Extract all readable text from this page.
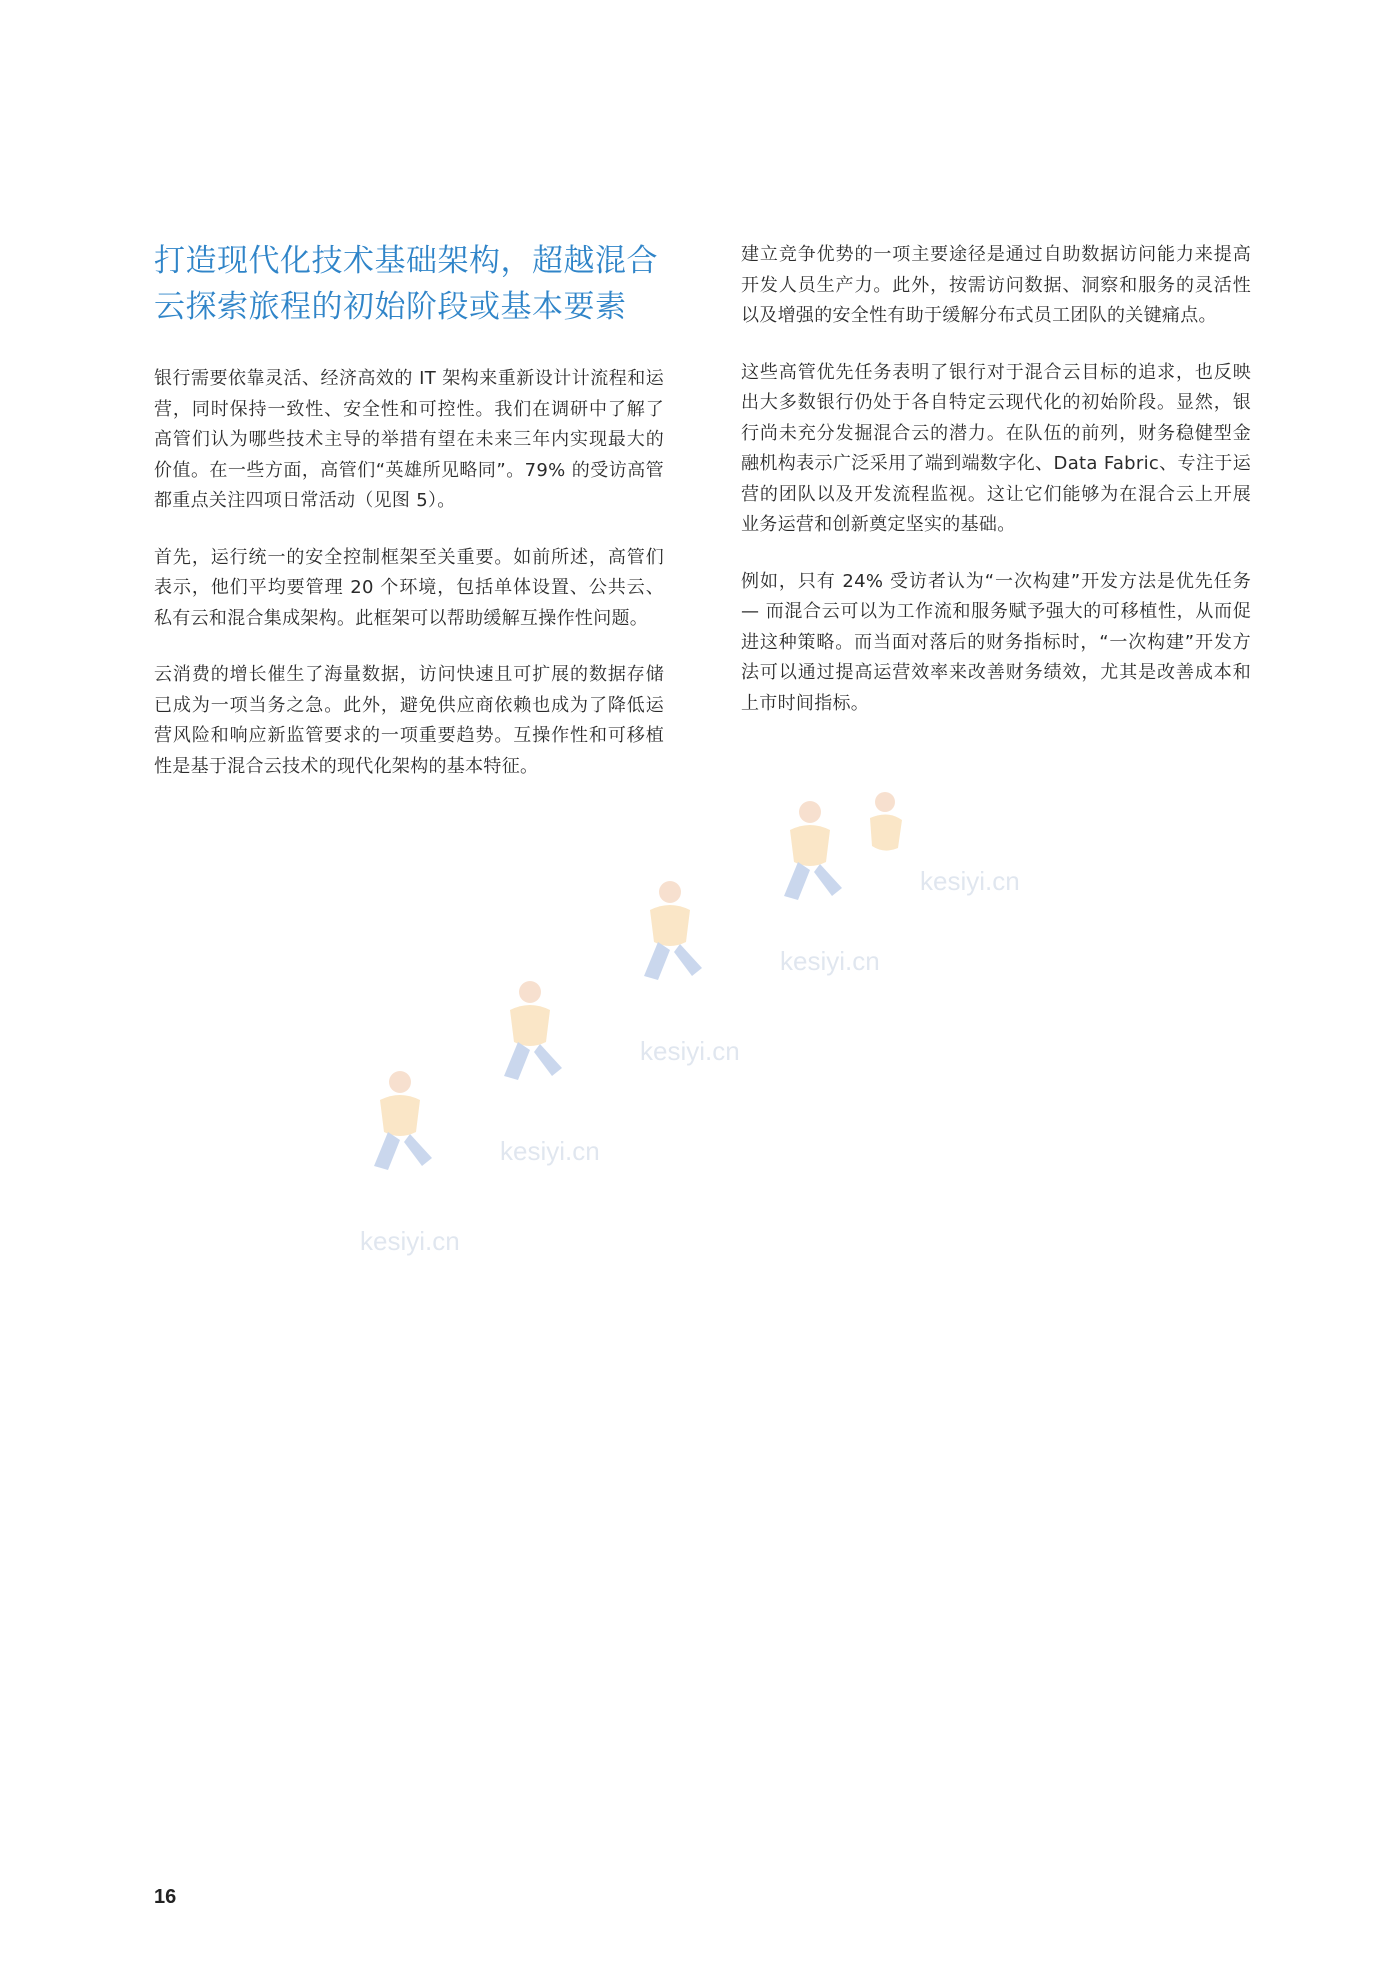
打造现代化技术基础架构，超越混合云探索旅程的初始阶段或基本要素

银行需要依靠灵活、经济高效的 IT 架构来重新设计计流程和运营，同时保持一致性、安全性和可控性。我们在调研中了解了高管们认为哪些技术主导的举措有望在未来三年内实现最大的价值。在一些方面，高管们“英雄所见略同”。79% 的受访高管都重点关注四项日常活动（见图 5）。

首先，运行统一的安全控制框架至关重要。如前所述，高管们表示，他们平均要管理 20 个环境，包括单体设置、公共云、私有云和混合集成架构。此框架可以帮助缓解互操作性问题。

云消费的增长催生了海量数据，访问快速且可扩展的数据存储已成为一项当务之急。此外，避免供应商依赖也成为了降低运营风险和响应新监管要求的一项重要趋势。互操作性和可移植性是基于混合云技术的现代化架构的基本特征。

建立竞争优势的一项主要途径是通过自助数据访问能力来提高开发人员生产力。此外，按需访问数据、洞察和服务的灵活性以及增强的安全性有助于缓解分布式员工团队的关键痛点。

这些高管优先任务表明了银行对于混合云目标的追求，也反映出大多数银行仍处于各自特定云现代化的初始阶段。显然，银行尚未充分发掘混合云的潜力。在队伍的前列，财务稳健型金融机构表示广泛采用了端到端数字化、Data Fabric、专注于运营的团队以及开发流程监视。这让它们能够为在混合云上开展业务运营和创新奠定坚实的基础。

例如，只有 24% 受访者认为“一次构建”开发方法是优先任务 — 而混合云可以为工作流和服务赋予强大的可移植性，从而促进这种策略。而当面对落后的财务指标时，“一次构建”开发方法可以通过提高运营效率来改善财务绩效，尤其是改善成本和上市时间指标。

kesiyi.cn
kesiyi.cn
kesiyi.cn
kesiyi.cn
kesiyi.cn
16
